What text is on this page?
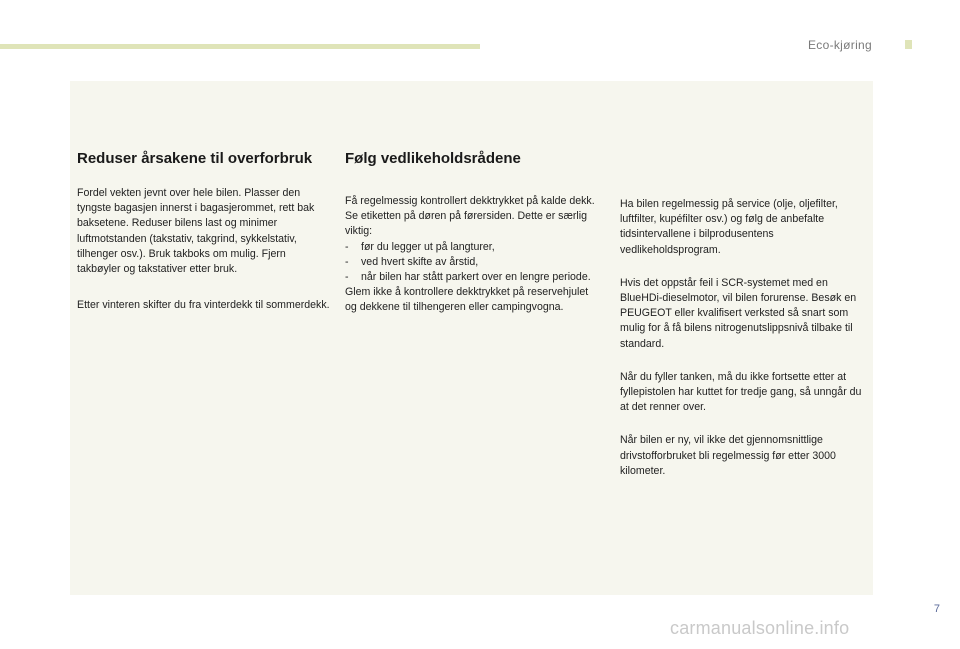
Eco-kjøring
Reduser årsakene til overforbruk

Fordel vekten jevnt over hele bilen. Plasser den tyngste bagasjen innerst i bagasjerommet, rett bak baksetene. Reduser bilens last og minimer luftmotstanden (takstativ, takgrind, sykkelstativ, tilhenger osv.). Bruk takboks om mulig. Fjern takbøyler og takstativer etter bruk.

Etter vinteren skifter du fra vinterdekk til sommerdekk.

Følg vedlikeholdsrådene

Få regelmessig kontrollert dekktrykket på kalde dekk. Se etiketten på døren på førersiden. Dette er særlig viktig:

- før du legger ut på langturer,
- ved hvert skifte av årstid,
- når bilen har stått parkert over en lengre periode.

Glem ikke å kontrollere dekktrykket på reservehjulet og dekkene til tilhengeren eller campingvogna.

Ha bilen regelmessig på service (olje, oljefilter, luftfilter, kupéfilter osv.) og følg de anbefalte tidsintervallene i bilprodusentens vedlikeholdsprogram.

Hvis det oppstår feil i SCR-systemet med en BlueHDi-dieselmotor, vil bilen forurense. Besøk en PEUGEOT eller kvalifisert verksted så snart som mulig for å få bilens nitrogenutslippsnivå tilbake til standard.

Når du fyller tanken, må du ikke fortsette etter at fyllepistolen har kuttet for tredje gang, så unngår du at det renner over.

Når bilen er ny, vil ikke det gjennomsnittlige drivstofforbruket bli regelmessig før etter 3000 kilometer.

7
carmanualsonline.info
